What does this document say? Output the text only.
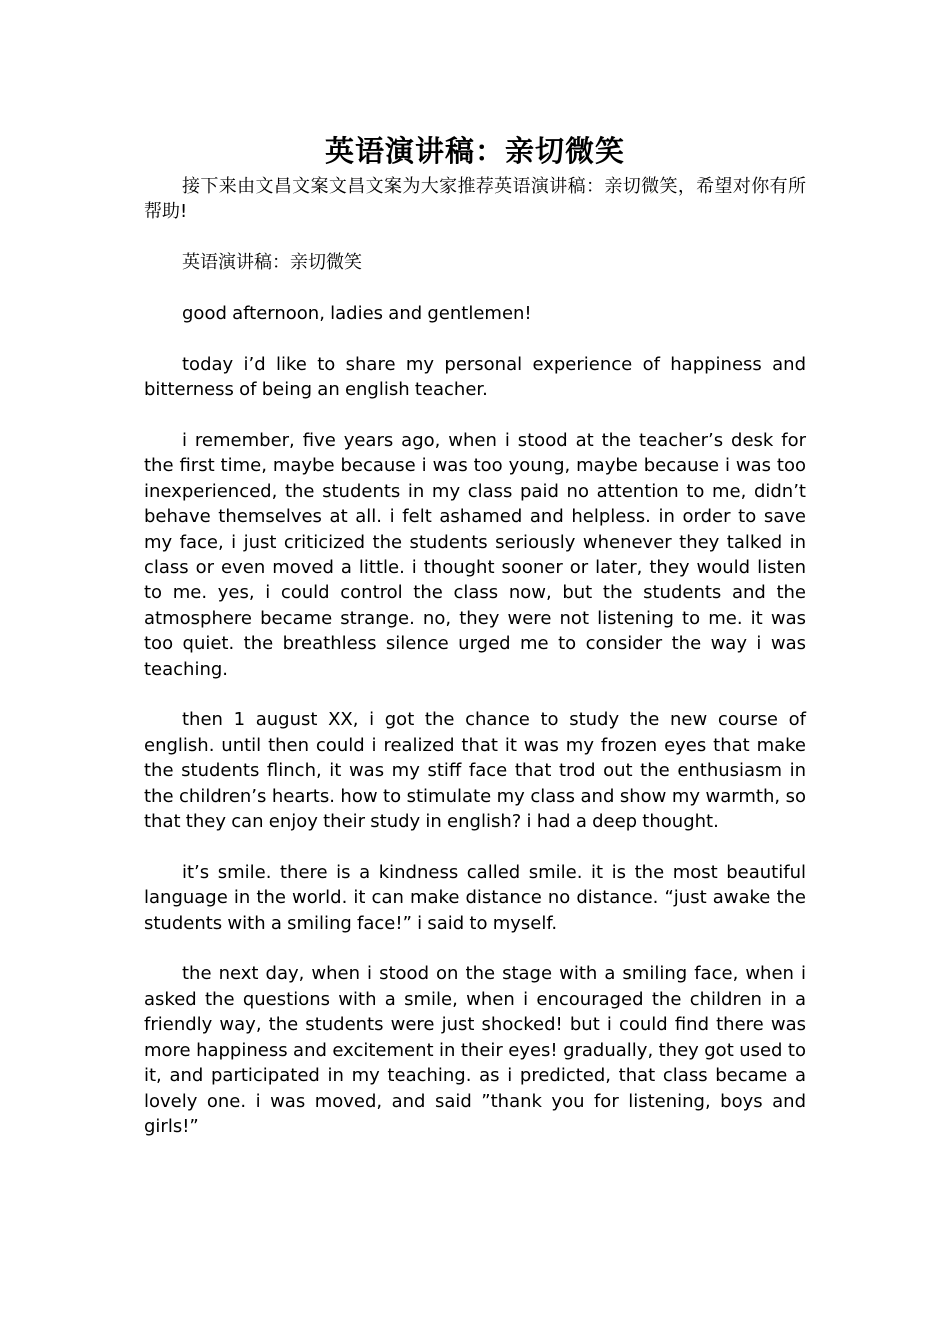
英语演讲稿：亲切微笑

接下来由文昌文案文昌文案为大家推荐英语演讲稿：亲切微笑，希望对你有所帮助!

英语演讲稿：亲切微笑

good afternoon, ladies and gentlemen!

today i’d like to share my personal experience of happiness and bitterness of being an english teacher.

i remember, five years ago, when i stood at the teacher’s desk for the first time, maybe because i was too young, maybe because i was too inexperienced, the students in my class paid no attention to me, didn’t behave themselves at all. i felt ashamed and helpless. in order to save my face, i just criticized the students seriously whenever they talked in class or even moved a little. i thought sooner or later, they would listen to me. yes, i could control the class now, but the students and the atmosphere became strange. no, they were not listening to me. it was too quiet. the breathless silence urged me to consider the way i was teaching.

then 1 august XX, i got the chance to study the new course of english. until then could i realized that it was my frozen eyes that make the students flinch, it was my stiff face that trod out the enthusiasm in the children’s hearts. how to stimulate my class and show my warmth, so that they can enjoy their study in english? i had a deep thought.

it’s smile. there is a kindness called smile. it is the most beautiful language in the world. it can make distance no distance. “just awake the students with a smiling face!” i said to myself.

the next day, when i stood on the stage with a smiling face, when i asked the questions with a smile, when i encouraged the children in a friendly way, the students were just shocked! but i could find there was more happiness and excitement in their eyes! gradually, they got used to it, and participated in my teaching. as i predicted, that class became a lovely one. i was moved, and said ”thank you for listening, boys and girls!”
